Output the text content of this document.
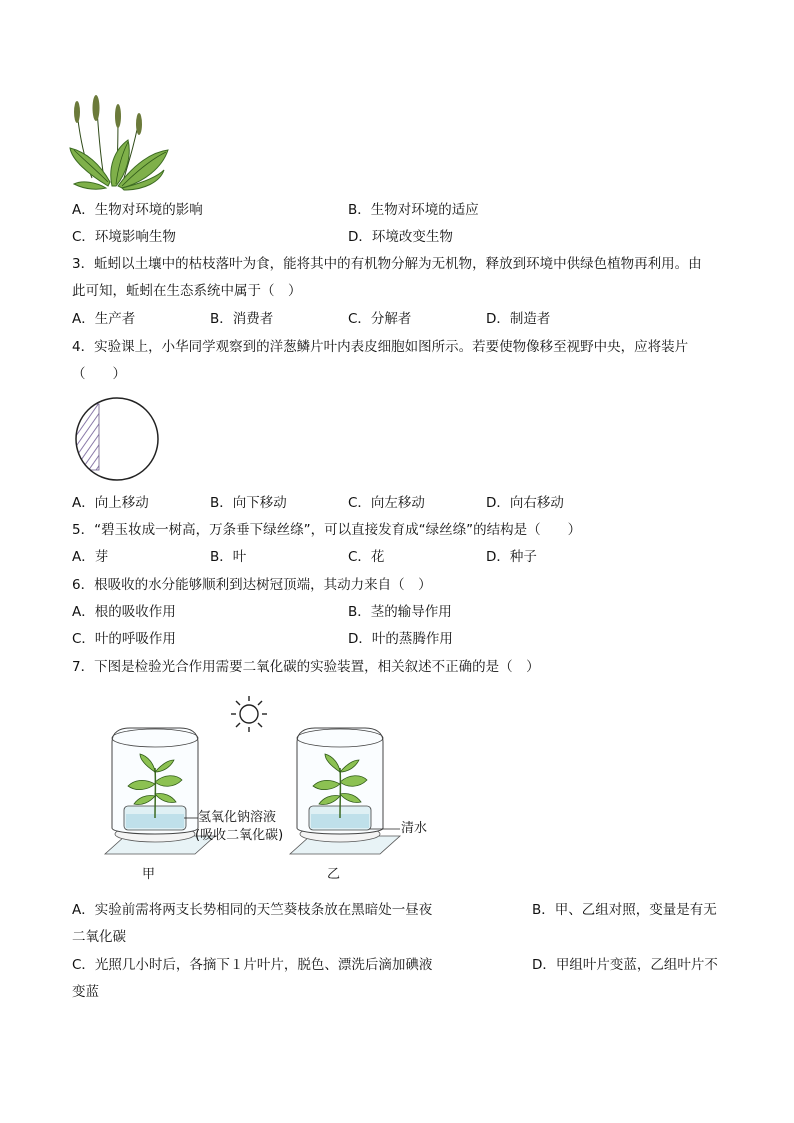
A．生物对环境的影响	B．生物对环境的适应
C．环境影响生物	D．环境改变生物
3．蚯蚓以土壤中的枯枝落叶为食，能将其中的有机物分解为无机物，释放到环境中供绿色植物再利用。由
此可知，蚯蚓在生态系统中属于（　）
A．生产者	B．消费者	C．分解者	D．制造者
4．实验课上，小华同学观察到的洋葱鳞片叶内表皮细胞如图所示。若要使物像移至视野中央，应将装片
（　　）
A．向上移动	B．向下移动	C．向左移动	D．向右移动
5．“碧玉妆成一树高，万条垂下绿丝绦”，可以直接发育成“绿丝绦”的结构是（　　）
A．芽	B．叶	C．花	D．种子
6．根吸收的水分能够顺利到达树冠顶端，其动力来自（　）
A．根的吸收作用	B．茎的输导作用
C．叶的呼吸作用	D．叶的蒸腾作用
7．下图是检验光合作用需要二氧化碳的实验装置，相关叙述不正确的是（　）
氢氧化钠溶液
(吸收二氧化碳)	清水
甲	乙
A．实验前需将两支长势相同的天竺葵枝条放在黑暗处一昼夜	B．甲、乙组对照，变量是有无
二氧化碳
C．光照几小时后，各摘下１片叶片，脱色、漂洗后滴加碘液	D．甲组叶片变蓝，乙组叶片不
变蓝
